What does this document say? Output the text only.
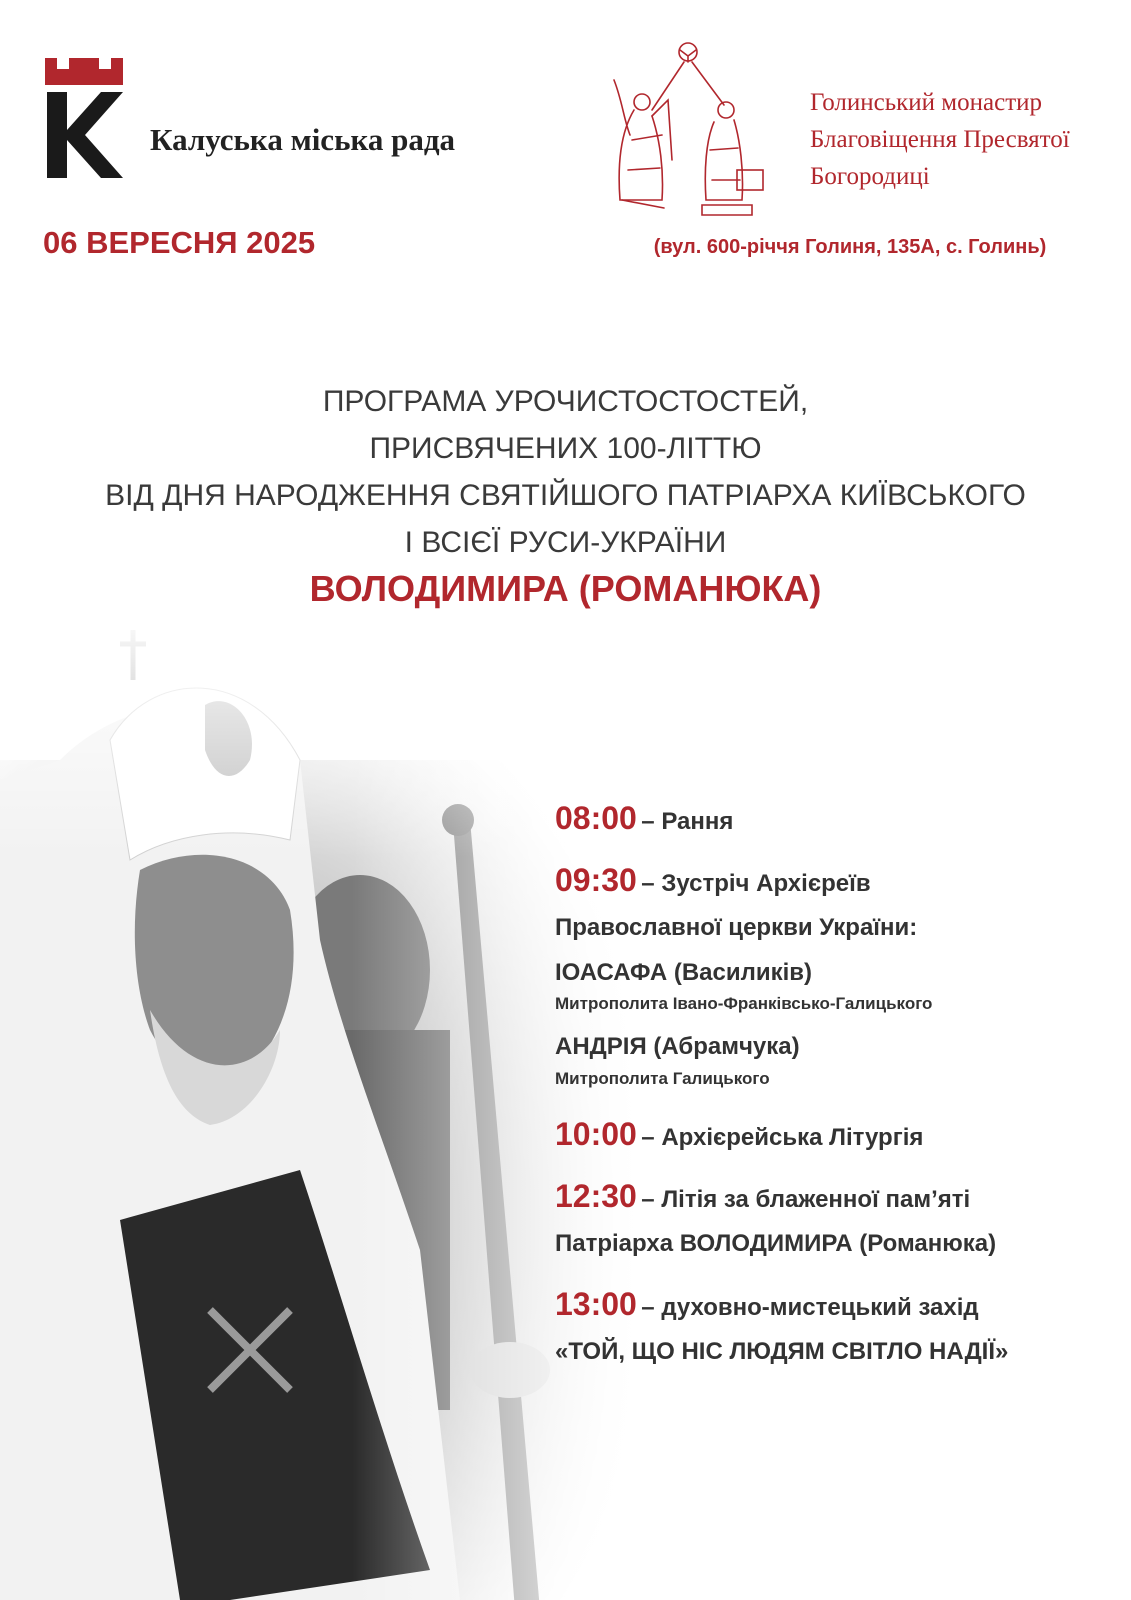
Калуська міська рада
06 ВЕРЕСНЯ 2025
Голинський монастир
Благовіщення Пресвятої
Богородиці
(вул. 600-річчя Голиня, 135А, с. Голинь)
ПРОГРАМА УРОЧИСТОСТОСТЕЙ,
ПРИСВЯЧЕНИХ 100-ЛІТТЮ
ВІД ДНЯ НАРОДЖЕННЯ СВЯТІЙШОГО ПАТРІАРХА КИЇВСЬКОГО
І ВСІЄЇ РУСИ-УКРАЇНИ
ВОЛОДИМИРА (РОМАНЮКА)
08:00 – Рання
09:30 – Зустріч Архієреїв
Православної церкви України:
ІОАСАФА (Василиків)
Митрополита Івано-Франківсько-Галицького
АНДРІЯ (Абрамчука)
Митрополита Галицького
10:00 – Архієрейська Літургія
12:30 – Літія за блаженної пам’яті
Патріарха ВОЛОДИМИРА (Романюка)
13:00 – духовно-мистецький захід
«ТОЙ, ЩО НІС ЛЮДЯМ СВІТЛО НАДІЇ»
